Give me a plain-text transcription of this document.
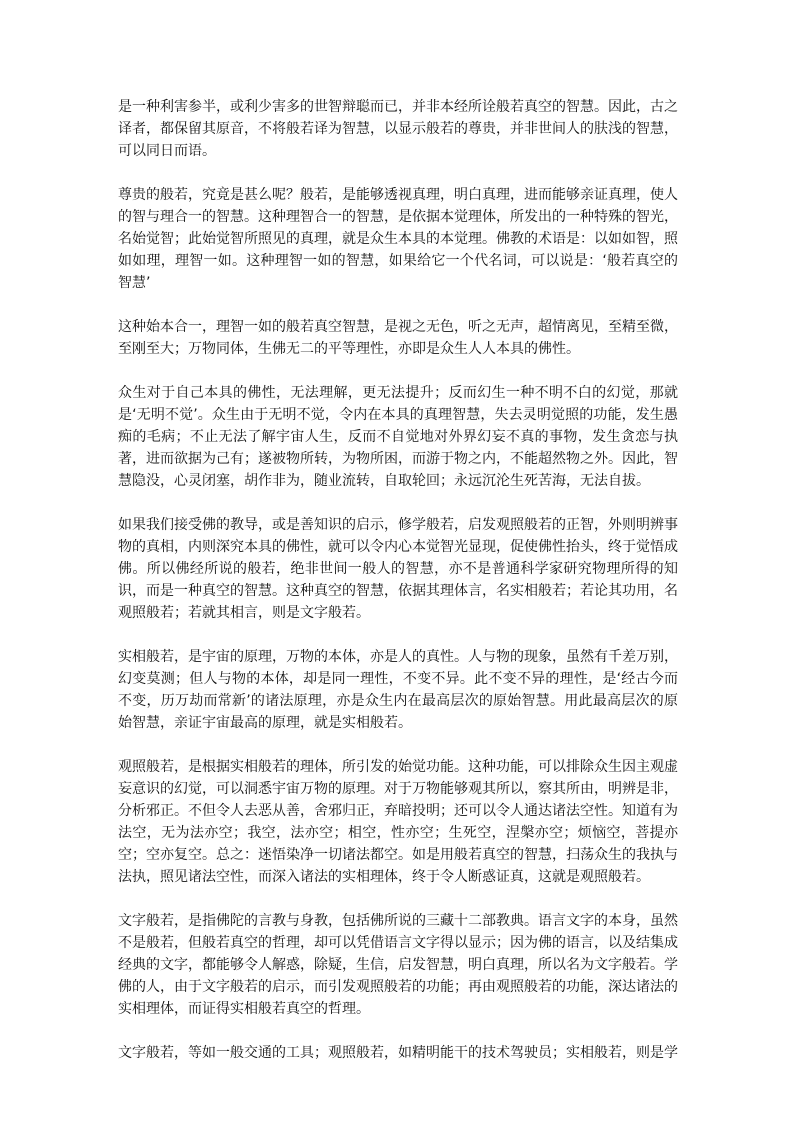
是一种利害参半，或利少害多的世智辩聪而已，并非本经所诠般若真空的智慧。因此，古之译者，都保留其原音，不将般若译为智慧，以显示般若的尊贵，并非世间人的肤浅的智慧，可以同日而语。

尊贵的般若，究竟是甚么呢？般若，是能够透视真理，明白真理，进而能够亲证真理，使人的智与理合一的智慧。这种理智合一的智慧，是依据本觉理体，所发出的一种特殊的智光，名始觉智；此始觉智所照见的真理，就是众生本具的本觉理。佛教的术语是：以如如智，照如如理，理智一如。这种理智一如的智慧，如果给它一个代名词，可以说是：‘般若真空的智慧’

这种始本合一，理智一如的般若真空智慧，是视之无色，听之无声，超情离见，至精至微，至刚至大；万物同体，生佛无二的平等理性，亦即是众生人人本具的佛性。

众生对于自己本具的佛性，无法理解，更无法提升；反而幻生一种不明不白的幻觉，那就是‘无明不觉’。众生由于无明不觉，令内在本具的真理智慧，失去灵明觉照的功能，发生愚痴的毛病；不止无法了解宇宙人生，反而不自觉地对外界幻妄不真的事物，发生贪恋与执著，进而欲据为己有；遂被物所转，为物所困，而游于物之内，不能超然物之外。因此，智慧隐没，心灵闭塞，胡作非为，随业流转，自取轮回；永远沉沦生死苦海，无法自拔。

如果我们接受佛的教导，或是善知识的启示，修学般若，启发观照般若的正智，外则明辨事物的真相，内则深究本具的佛性，就可以令内心本觉智光显现，促使佛性抬头，终于觉悟成佛。所以佛经所说的般若，绝非世间一般人的智慧，亦不是普通科学家研究物理所得的知识，而是一种真空的智慧。这种真空的智慧，依据其理体言，名实相般若；若论其功用，名观照般若；若就其相言，则是文字般若。

实相般若，是宇宙的原理，万物的本体，亦是人的真性。人与物的现象，虽然有千差万别，幻变莫测；但人与物的本体，却是同一理性，不变不异。此不变不异的理性，是‘经古今而不变，历万劫而常新’的诸法原理，亦是众生内在最高层次的原始智慧。用此最高层次的原始智慧，亲证宇宙最高的原理，就是实相般若。

观照般若，是根据实相般若的理体，所引发的始觉功能。这种功能，可以排除众生因主观虚妄意识的幻觉，可以洞悉宇宙万物的原理。对于万物能够观其所以，察其所由，明辨是非，分析邪正。不但令人去恶从善，舍邪归正，弃暗投明；还可以令人通达诸法空性。知道有为法空，无为法亦空；我空，法亦空；相空，性亦空；生死空，涅槃亦空；烦恼空，菩提亦空；空亦复空。总之：迷悟染净一切诸法都空。如是用般若真空的智慧，扫荡众生的我执与法执，照见诸法空性，而深入诸法的实相理体，终于令人断惑证真，这就是观照般若。

文字般若，是指佛陀的言教与身教，包括佛所说的三藏十二部教典。语言文字的本身，虽然不是般若，但般若真空的哲理，却可以凭借语言文字得以显示；因为佛的语言，以及结集成经典的文字，都能够令人解惑，除疑，生信，启发智慧，明白真理，所以名为文字般若。学佛的人，由于文字般若的启示，而引发观照般若的功能；再由观照般若的功能，深达诸法的实相理体，而证得实相般若真空的哲理。

文字般若，等如一般交通的工具；观照般若，如精明能干的技术驾驶员；实相般若，则是学
